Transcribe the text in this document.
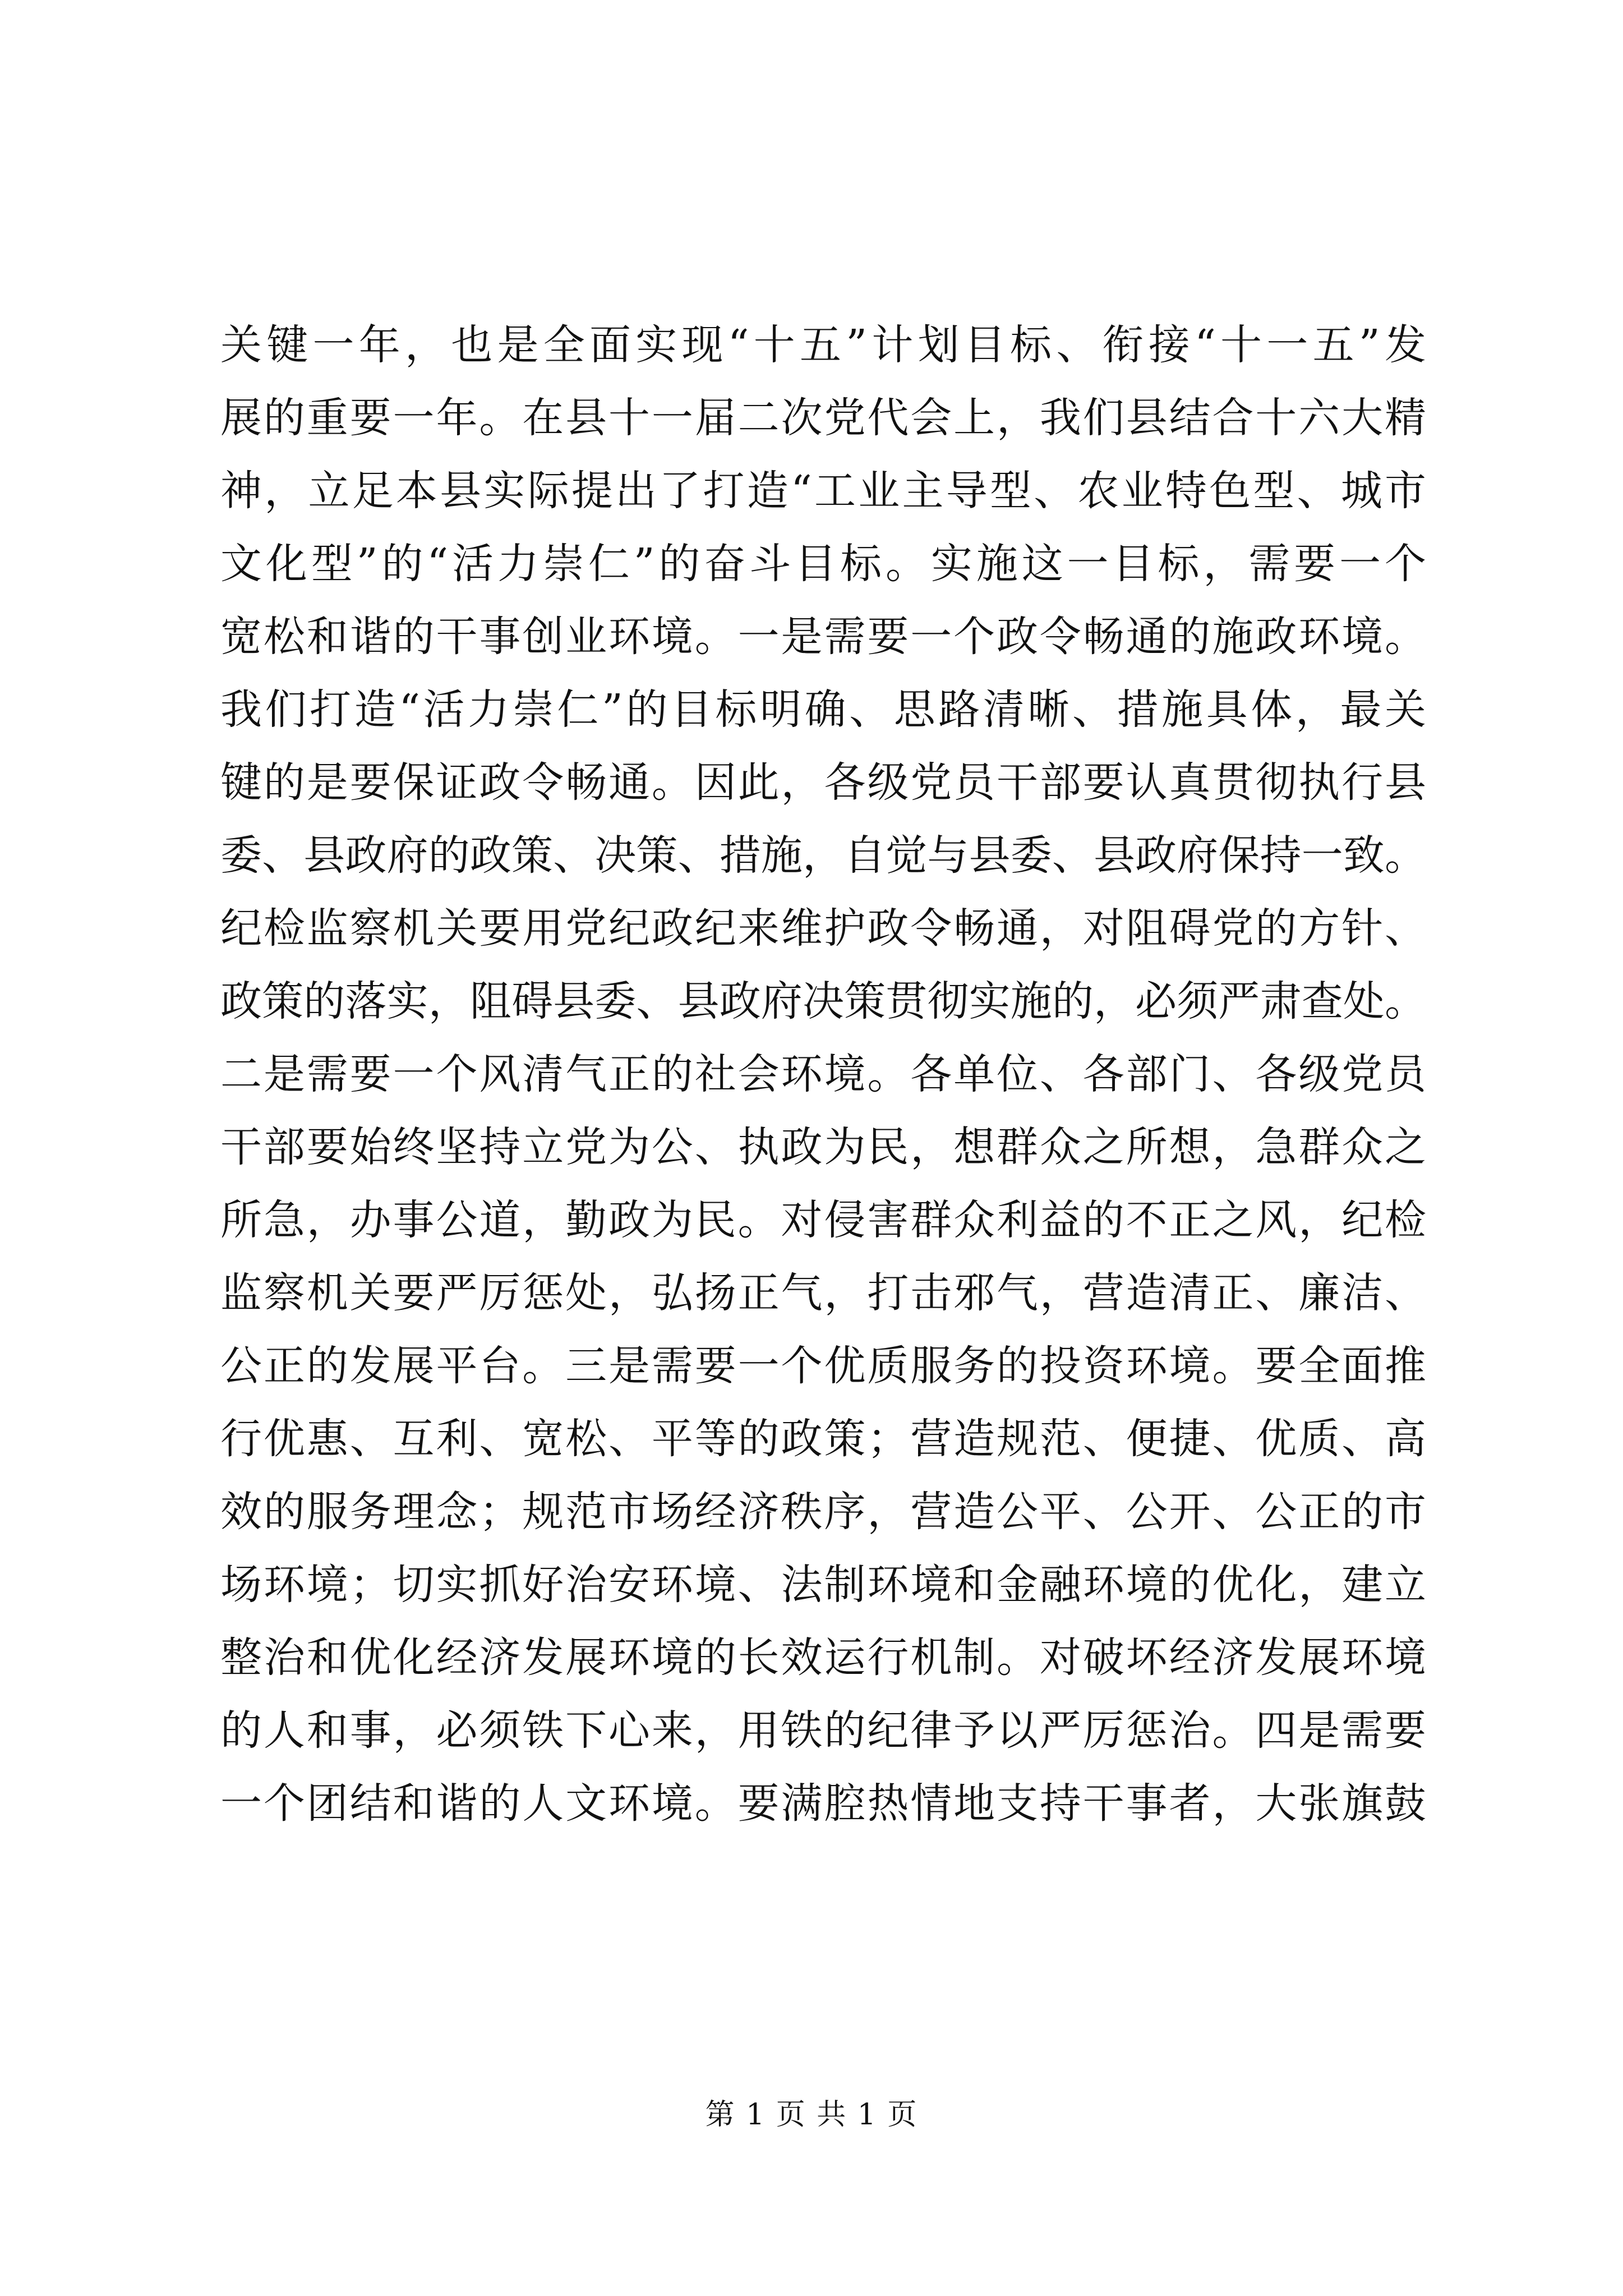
关键一年，也是全面实现“十五”计划目标、衔接“十一五”发
展的重要一年。在县十一届二次党代会上，我们县结合十六大精
神，立足本县实际提出了打造“工业主导型、农业特色型、城市
文化型”的“活力崇仁”的奋斗目标。实施这一目标，需要一个
宽松和谐的干事创业环境。一是需要一个政令畅通的施政环境。
我们打造“活力崇仁”的目标明确、思路清晰、措施具体，最关
键的是要保证政令畅通。因此，各级党员干部要认真贯彻执行县
委、县政府的政策、决策、措施，自觉与县委、县政府保持一致。
纪检监察机关要用党纪政纪来维护政令畅通，对阻碍党的方针、
政策的落实，阻碍县委、县政府决策贯彻实施的，必须严肃查处。
二是需要一个风清气正的社会环境。各单位、各部门、各级党员
干部要始终坚持立党为公、执政为民，想群众之所想，急群众之
所急，办事公道，勤政为民。对侵害群众利益的不正之风，纪检
监察机关要严厉惩处，弘扬正气，打击邪气，营造清正、廉洁、
公正的发展平台。三是需要一个优质服务的投资环境。要全面推
行优惠、互利、宽松、平等的政策；营造规范、便捷、优质、高
效的服务理念；规范市场经济秩序，营造公平、公开、公正的市
场环境；切实抓好治安环境、法制环境和金融环境的优化，建立
整治和优化经济发展环境的长效运行机制。对破坏经济发展环境
的人和事，必须铁下心来，用铁的纪律予以严厉惩治。四是需要
一个团结和谐的人文环境。要满腔热情地支持干事者，大张旗鼓
第 1 页 共 1 页
